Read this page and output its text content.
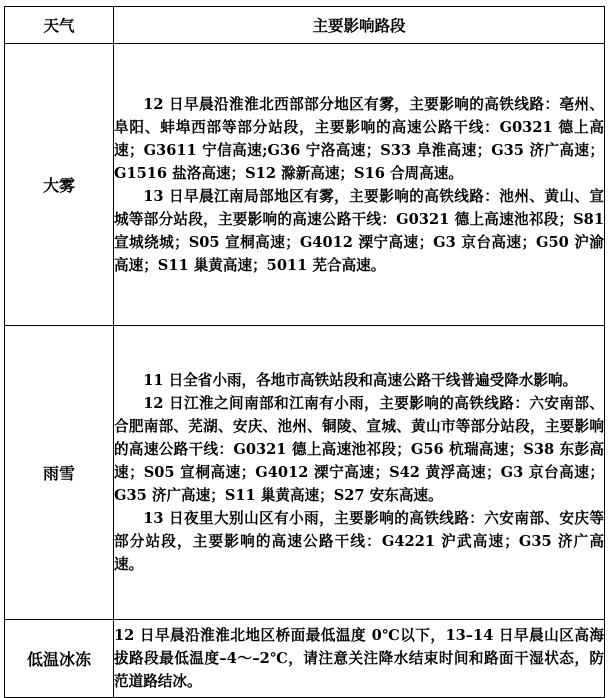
天气	主要影响路段
大雾	12 日早晨沿淮淮北西部部分地区有雾，主要影响的高铁线路：亳州、阜阳、蚌埠西部等部分站段，主要影响的高速公路干线：G0321 德上高速；G3611 宁信高速;G36 宁洛高速；S33 阜淮高速；G35 济广高速；G1516 盐洛高速；S12 滁新高速；S16 合周高速。

13 日早晨江南局部地区有雾，主要影响的高铁线路：池州、黄山、宣城等部分站段，主要影响的高速公路干线：G0321 德上高速池祁段；S81 宣城绕城；S05 宣桐高速；G4012 溧宁高速；G3 京台高速；G50 沪渝高速；S11 巢黄高速；5011 芜合高速。

雨雪	11 日全省小雨，各地市高铁站段和高速公路干线普遍受降水影响。

12 日江淮之间南部和江南有小雨，主要影响的高铁线路：六安南部、合肥南部、芜湖、安庆、池州、铜陵、宣城、黄山市等部分站段，主要影响的高速公路干线：G0321 德上高速池祁段；G56 杭瑞高速；S38 东彭高速；S05 宣桐高速；G4012 溧宁高速；S42 黄浮高速；G3 京台高速；G35 济广高速；S11 巢黄高速；S27 安东高速。

13 日夜里大别山区有小雨，主要影响的高铁线路：六安南部、安庆等部分站段，主要影响的高速公路干线：G4221 沪武高速；G35 济广高速。

低温冰冻	12 日早晨沿淮淮北地区桥面最低温度 0℃以下，13–14 日早晨山区高海拔路段最低温度–4～–2℃，请注意关注降水结束时间和路面干湿状态，防范道路结冰。
